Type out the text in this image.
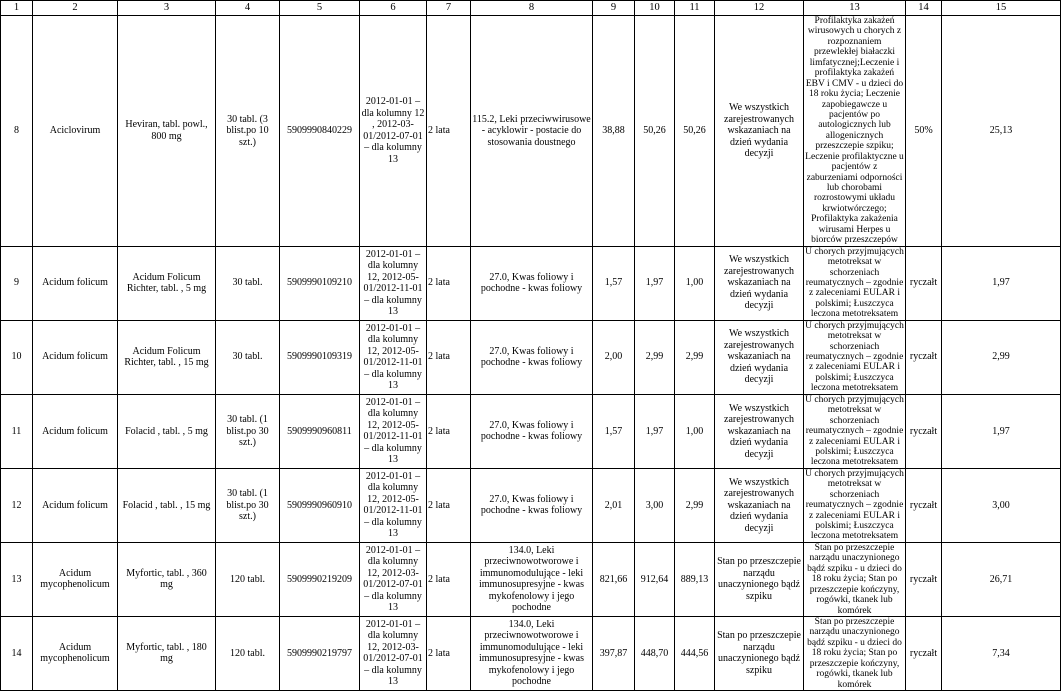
1	2	3	4	5	6	7	8	9	10	11	12	13	14	15
8	Aciclovirum	Heviran, tabl. powl., 800 mg	30 tabl. (3 blist.po 10 szt.)	5909990840229	2012-01-01 – dla kolumny 12 , 2012-03-01/2012-07-01 – dla kolumny 13	2 lata	115.2, Leki przeciwwirusowe - acyklowir - postacie do stosowania doustnego	38,88	50,26	50,26	We wszystkich zarejestrowanych wskazaniach na dzień wydania decyzji	Profilaktyka zakażeń wirusowych u chorych z rozpoznaniem przewlekłej białaczki limfatycznej;Leczenie i profilaktyka zakażeń EBV i CMV - u dzieci do 18 roku życia; Leczenie zapobiegawcze u pacjentów po autologicznych lub allogenicznych przeszczepie szpiku; Leczenie profilaktyczne u pacjentów z zaburzeniami odporności lub chorobami rozrostowymi układu krwiotwórczego; Profilaktyka zakażenia wirusami Herpes u biorców przeszczepów	50%	25,13
9	Acidum folicum	Acidum Folicum Richter, tabl. , 5 mg	30 tabl.	5909990109210	2012-01-01 – dla kolumny 12, 2012-05-01/2012-11-01 – dla kolumny 13	2 lata	27.0, Kwas foliowy i pochodne - kwas foliowy	1,57	1,97	1,00	We wszystkich zarejestrowanych wskazaniach na dzień wydania decyzji	U chorych przyjmujących metotreksat w schorzeniach reumatycznych – zgodnie z zaleceniami EULAR i polskimi; Łuszczyca leczona metotreksatem	ryczałt	1,97
10	Acidum folicum	Acidum Folicum Richter, tabl. , 15 mg	30 tabl.	5909990109319	2012-01-01 – dla kolumny 12, 2012-05-01/2012-11-01 – dla kolumny 13	2 lata	27.0, Kwas foliowy i pochodne - kwas foliowy	2,00	2,99	2,99	We wszystkich zarejestrowanych wskazaniach na dzień wydania decyzji	U chorych przyjmujących metotreksat w schorzeniach reumatycznych – zgodnie z zaleceniami EULAR i polskimi; Łuszczyca leczona metotreksatem	ryczałt	2,99
11	Acidum folicum	Folacid , tabl. , 5 mg	30 tabl. (1 blist.po 30 szt.)	5909990960811	2012-01-01 – dla kolumny 12, 2012-05-01/2012-11-01 – dla kolumny 13	2 lata	27.0, Kwas foliowy i pochodne - kwas foliowy	1,57	1,97	1,00	We wszystkich zarejestrowanych wskazaniach na dzień wydania decyzji	U chorych przyjmujących metotreksat w schorzeniach reumatycznych – zgodnie z zaleceniami EULAR i polskimi; Łuszczyca leczona metotreksatem	ryczałt	1,97
12	Acidum folicum	Folacid , tabl. , 15 mg	30 tabl. (1 blist.po 30 szt.)	5909990960910	2012-01-01 – dla kolumny 12, 2012-05-01/2012-11-01 – dla kolumny 13	2 lata	27.0, Kwas foliowy i pochodne - kwas foliowy	2,01	3,00	2,99	We wszystkich zarejestrowanych wskazaniach na dzień wydania decyzji	U chorych przyjmujących metotreksat w schorzeniach reumatycznych – zgodnie z zaleceniami EULAR i polskimi; Łuszczyca leczona metotreksatem	ryczałt	3,00
13	Acidum mycophenolicum	Myfortic, tabl. , 360 mg	120 tabl.	5909990219209	2012-01-01 – dla kolumny 12, 2012-03-01/2012-07-01 – dla kolumny 13	2 lata	134.0, Leki przeciwnowotworowe i immunomodulujące - leki immunosupresyjne - kwas mykofenolowy i jego pochodne	821,66	912,64	889,13	Stan po przeszczepie narządu unaczynionego bądź szpiku	Stan po przeszczepie narządu unaczynionego bądź szpiku - u dzieci do 18 roku życia; Stan po przeszczepie kończyny, rogówki, tkanek lub komórek	ryczałt	26,71
14	Acidum mycophenolicum	Myfortic, tabl. , 180 mg	120 tabl.	5909990219797	2012-01-01 – dla kolumny 12, 2012-03-01/2012-07-01 – dla kolumny 13	2 lata	134.0, Leki przeciwnowotworowe i immunomodulujące - leki immunosupresyjne - kwas mykofenolowy i jego pochodne	397,87	448,70	444,56	Stan po przeszczepie narządu unaczynionego bądź szpiku	Stan po przeszczepie narządu unaczynionego bądź szpiku - u dzieci do 18 roku życia; Stan po przeszczepie kończyny, rogówki, tkanek lub komórek	ryczałt	7,34
